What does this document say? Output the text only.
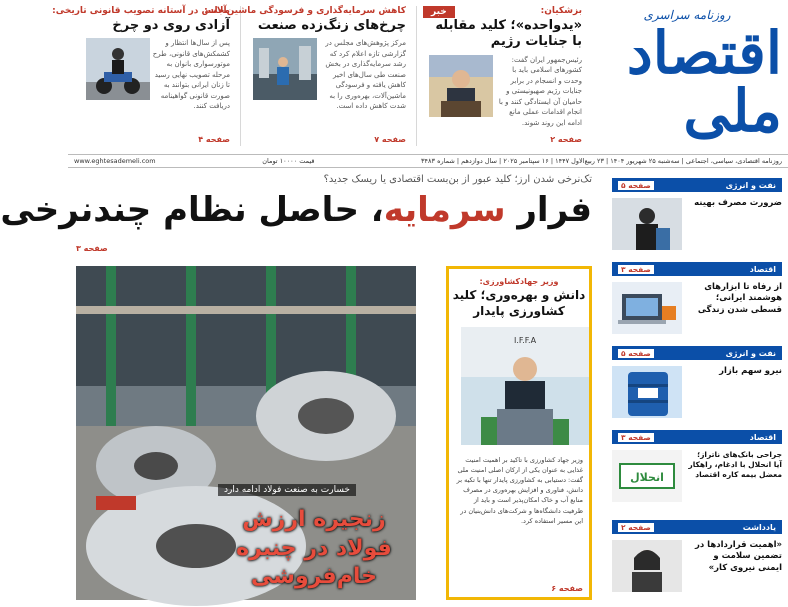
روزنامه سراسری
اقتصاد ملی
بزشکیان:
«یدواحده»؛ کلید مقابله با جنایات رژیم
رئیس‌جمهور ایران گفت: کشورهای اسلامی باید با وحدت و انسجام در برابر جنایات رژیم صهیونیستی و حامیان آن ایستادگی کنند و با انجام اقدامات عملی مانع ادامه این روند شوند.
خبر
صفحه ۲
کاهش سرمایه‌گذاری و فرسودگی ماشین‌آلات:
چرخ‌های زنگ‌زده صنعت
مرکز پژوهش‌های مجلس در گزارشی تازه اعلام کرد که رشد سرمایه‌گذاری در بخش صنعت طی سال‌های اخیر کاهش یافته و فرسودگی ماشین‌آلات، بهره‌وری را به شدت کاهش داده است.
صفحه ۷
مجلس در آستانه تصویب قانونی تاریخی:
آزادی روی دو چرخ
پس از سال‌ها انتظار و کشمکش‌های قانونی، طرح موتورسواری بانوان به مرحله تصویب نهایی رسید تا زنان ایرانی بتوانند به صورت قانونی گواهینامه دریافت کنند.
صفحه ۴
روزنامه اقتصادی، سیاسی، اجتماعی | سه‌شنبه ۲۵ شهریور ۱۴۰۴ | ۲۳ ربیع‌الاول ۱۴۴۷ | ۱۶ سپتامبر ۲۰۲۵ | سال دوازدهم | شماره ۳۴۸۳
قیمت ۱۰۰۰۰ تومان
www.eghtesademeli.com
تک‌نرخی شدن ارز؛ کلید عبور از بن‌بست اقتصادی یا ریسک جدید؟
فرار سرمایه، حاصل نظام چندنرخی
صفحه ۳
خسارت به صنعت فولاد ادامه دارد
زنجیره ارزش فولاد در چنبره خام‌فروشی
وزیر جهادکشاورزی:
دانش و بهره‌وری؛ کلید کشاورزی پایدار
I.F.F.A
وزیر جهاد کشاورزی با تاکید بر اهمیت امنیت غذایی به عنوان یکی از ارکان اصلی امنیت ملی گفت: دستیابی به کشاورزی پایدار تنها با تکیه بر دانش، فناوری و افزایش بهره‌وری در مصرف منابع آب و خاک امکان‌پذیر است و باید از ظرفیت دانشگاه‌ها و شرکت‌های دانش‌بنیان در این مسیر استفاده کرد.
صفحه ۶
نفت و انرژی
صفحه ۵
ضرورت مصرف بهینه
اقتصاد
صفحه ۳
از رفاه تا ابزارهای هوشمند ایرانی؛ قسطی شدن زندگی
نفت و انرژی
صفحه ۵
نیرو سهم بازار
اقتصاد
صفحه ۳
جراحی بانک‌های ناتراز؛ آیا انحلال با ادغام، راهکار معضل بیمه کاره اقتصاد
انحلال
یادداشت
صفحه ۲
«اهمیت قراردادها در تضمین سلامت و ایمنی نیروی کار»
